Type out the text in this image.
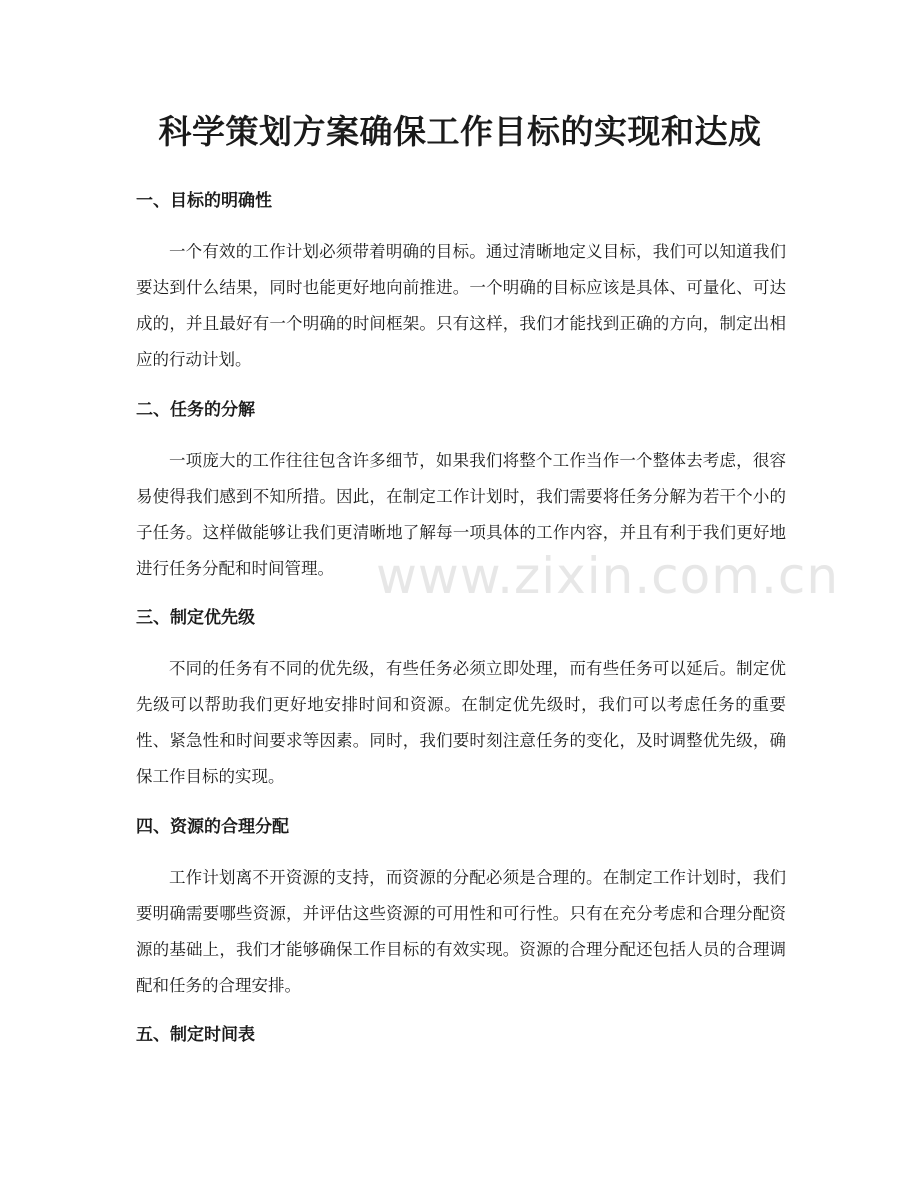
科学策划方案确保工作目标的实现和达成
一、目标的明确性

一个有效的工作计划必须带着明确的目标。通过清晰地定义目标，我们可以知道我们要达到什么结果，同时也能更好地向前推进。一个明确的目标应该是具体、可量化、可达成的，并且最好有一个明确的时间框架。只有这样，我们才能找到正确的方向，制定出相应的行动计划。

二、任务的分解

一项庞大的工作往往包含许多细节，如果我们将整个工作当作一个整体去考虑，很容易使得我们感到不知所措。因此，在制定工作计划时，我们需要将任务分解为若干个小的子任务。这样做能够让我们更清晰地了解每一项具体的工作内容，并且有利于我们更好地进行任务分配和时间管理。

三、制定优先级

不同的任务有不同的优先级，有些任务必须立即处理，而有些任务可以延后。制定优先级可以帮助我们更好地安排时间和资源。在制定优先级时，我们可以考虑任务的重要性、紧急性和时间要求等因素。同时，我们要时刻注意任务的变化，及时调整优先级，确保工作目标的实现。

四、资源的合理分配

工作计划离不开资源的支持，而资源的分配必须是合理的。在制定工作计划时，我们要明确需要哪些资源，并评估这些资源的可用性和可行性。只有在充分考虑和合理分配资源的基础上，我们才能够确保工作目标的有效实现。资源的合理分配还包括人员的合理调配和任务的合理安排。

五、制定时间表
www.zixin.com.cn
